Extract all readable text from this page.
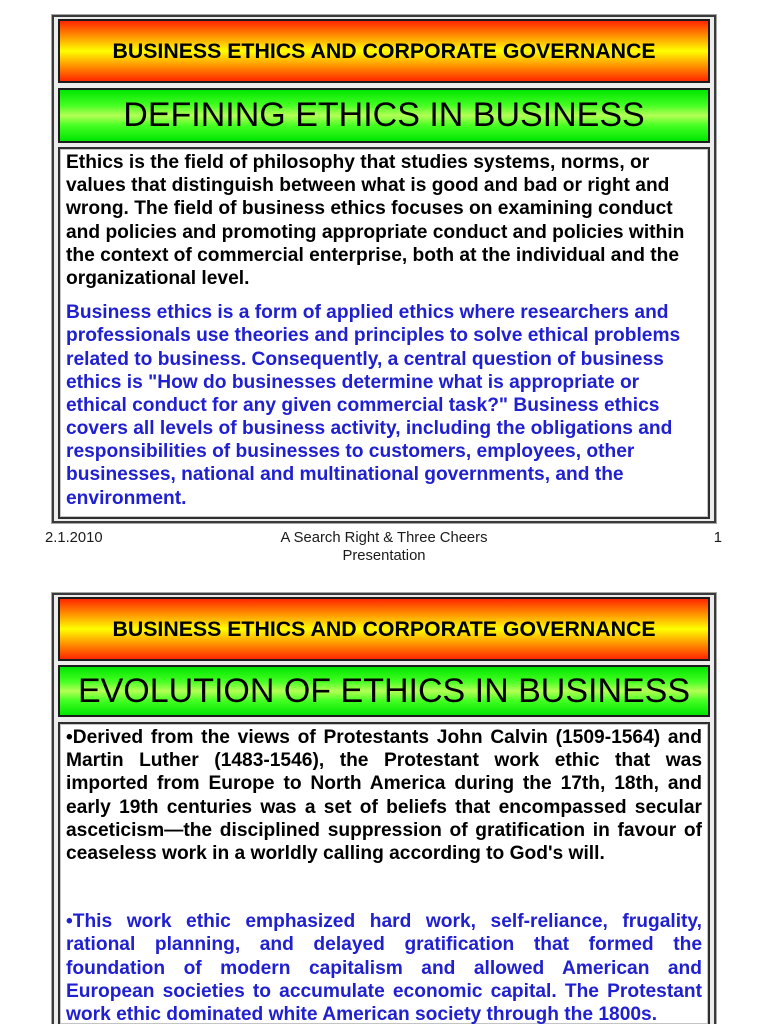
BUSINESS ETHICS AND CORPORATE GOVERNANCE
DEFINING ETHICS IN BUSINESS
Ethics is the field of philosophy that studies systems, norms, or
values that distinguish between what is good and bad or right and
wrong. The field of business ethics focuses on examining conduct
and policies and promoting appropriate conduct and policies within
the context of commercial enterprise, both at the individual and the
organizational level.
Business ethics is a form of applied ethics where researchers and
professionals use theories and principles to solve ethical problems
related to business. Consequently, a central question of business
ethics is "How do businesses determine what is appropriate or
ethical conduct for any given commercial task?" Business ethics
covers all levels of business activity, including the obligations and
responsibilities of businesses to customers, employees, other
businesses, national and multinational governments, and the
environment.
2.1.2010	A Search Right & Three Cheers
Presentation
1
BUSINESS ETHICS AND CORPORATE GOVERNANCE
EVOLUTION OF ETHICS IN BUSINESS
•Derived from the views of Protestants John Calvin (1509-1564) and
Martin Luther (1483-1546), the Protestant work ethic that was
imported from Europe to North America during the 17th, 18th, and
early 19th centuries was a set of beliefs that encompassed secular
asceticism—the disciplined suppression of gratification in favour of
ceaseless work in a worldly calling according to God's will.
•This work ethic emphasized hard work, self-reliance, frugality,
rational planning, and delayed gratification that formed the
foundation of modern capitalism and allowed American and
European societies to accumulate economic capital. The Protestant
work ethic dominated white American society through the 1800s.
